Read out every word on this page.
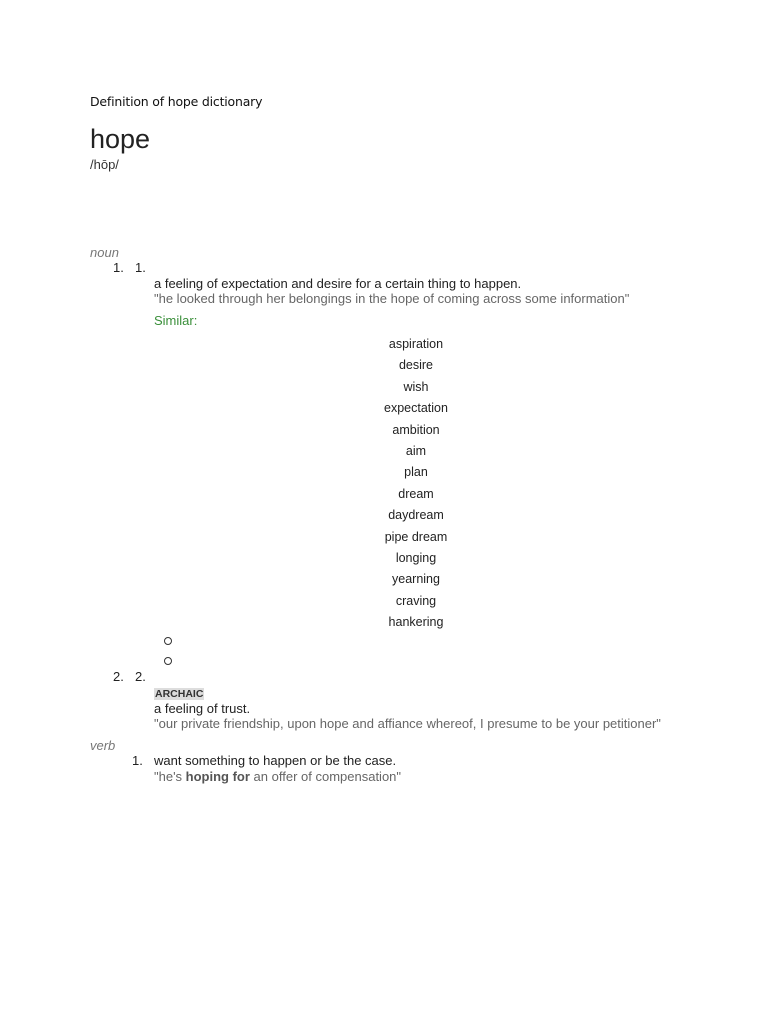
Definition of hope dictionary
hope
/hōp/
noun
1. 1.
a feeling of expectation and desire for a certain thing to happen.
"he looked through her belongings in the hope of coming across some information"
Similar:
aspiration
desire
wish
expectation
ambition
aim
plan
dream
daydream
pipe dream
longing
yearning
craving
hankering
2. 2.
ARCHAIC
a feeling of trust.
"our private friendship, upon hope and affiance whereof, I presume to be your petitioner"
verb
1. want something to happen or be the case.
"he's hoping for an offer of compensation"
